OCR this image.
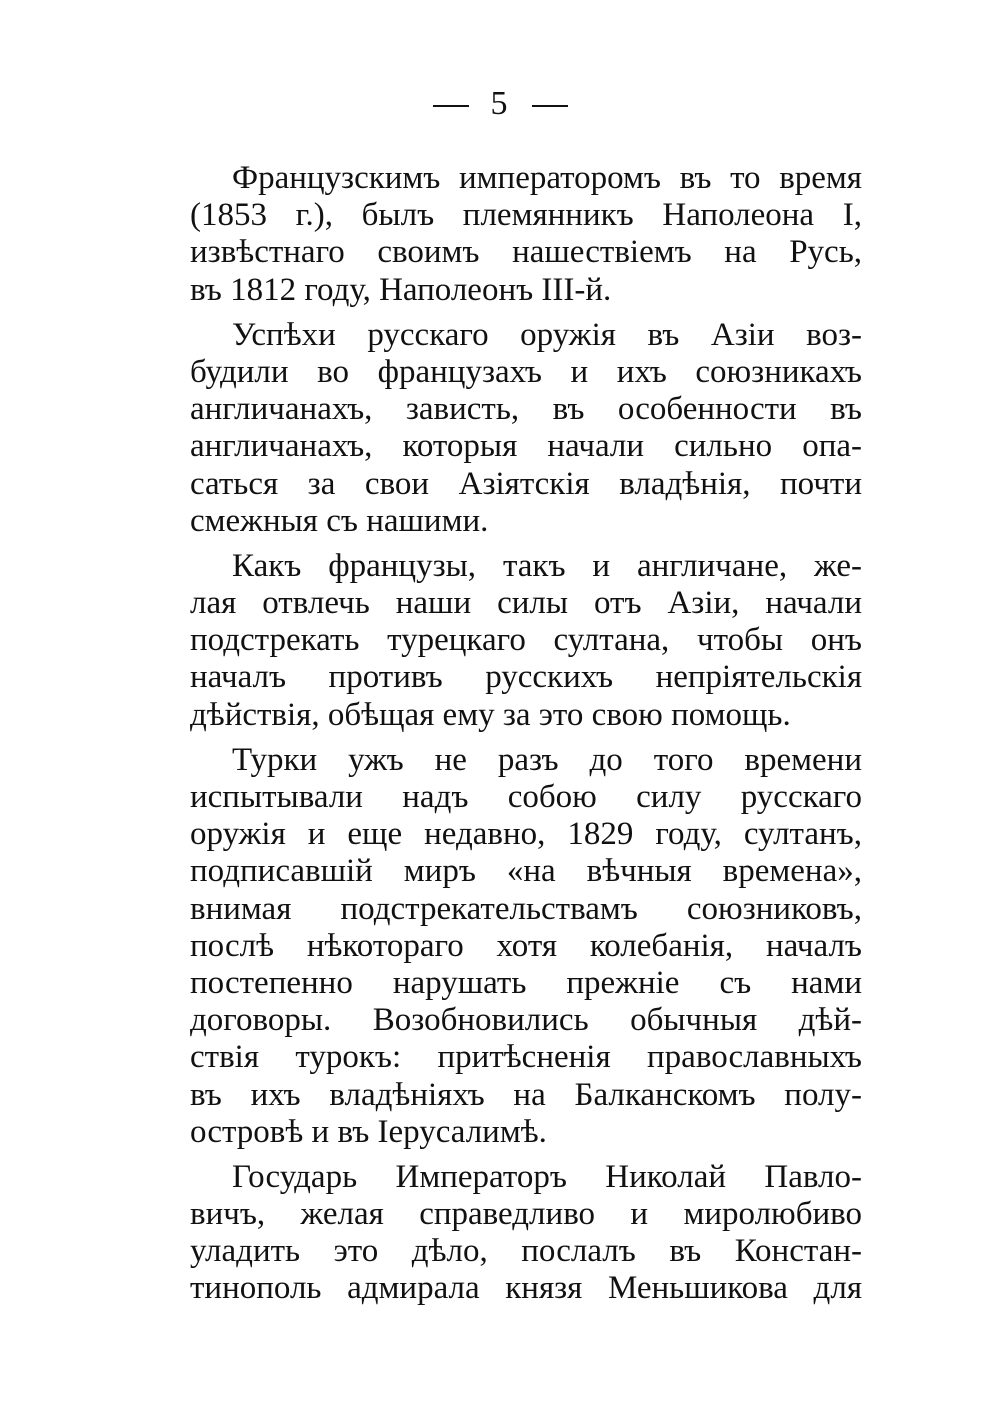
5
Французскимъ императоромъ въ то время
(1853 г.), былъ племянникъ Наполеона I,
извѣстнаго своимъ нашествіемъ на Русь,
въ 1812 году, Наполеонъ III-й.
Успѣхи русскаго оружія въ Азіи воз-
будили во французахъ и ихъ союзникахъ
англичанахъ, зависть, въ особенности въ
англичанахъ, которыя начали сильно опа-
саться за свои Азіятскія владѣнія, почти
смежныя съ нашими.
Какъ французы, такъ и англичане, же-
лая отвлечь наши силы отъ Азіи, начали
подстрекать турецкаго султана, чтобы онъ
началъ противъ русскихъ непріятельскія
дѣйствія, обѣщая ему за это свою помощь.
Турки ужъ не разъ до того времени
испытывали надъ собою силу русскаго
оружія и еще недавно, 1829 году, султанъ,
подписавшій миръ «на вѣчныя времена»,
внимая подстрекательствамъ союзниковъ,
послѣ нѣкотораго хотя колебанія, началъ
постепенно нарушать прежніе съ нами
договоры. Возобновились обычныя дѣй-
ствія турокъ: притѣсненія православныхъ
въ ихъ владѣніяхъ на Балканскомъ полу-
островѣ и въ Іерусалимѣ.
Государь Императоръ Николай Павло-
вичъ, желая справедливо и миролюбиво
уладить это дѣло, послалъ въ Констан-
тинополь адмирала князя Меньшикова для
